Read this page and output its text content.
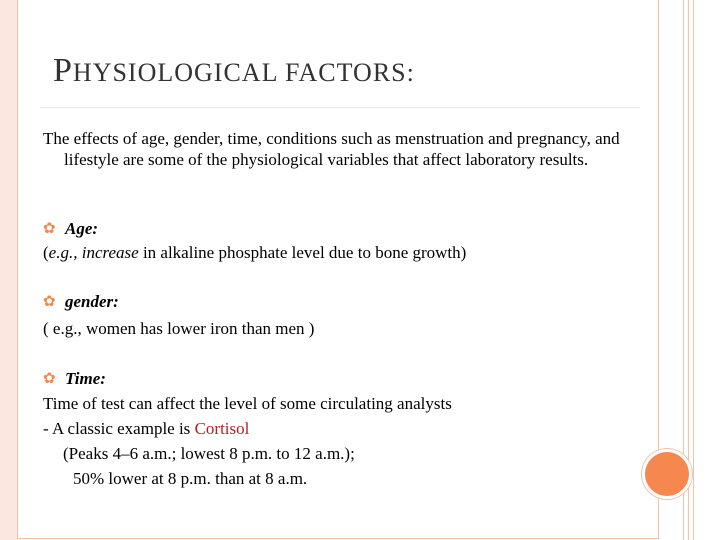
PHYSIOLOGICAL FACTORS:

The effects of age, gender, time, conditions such as menstruation and pregnancy, and lifestyle are some of the physiological variables that affect laboratory results.

✿ Age:

(e.g., increase in alkaline phosphate level due to bone growth)

✿ gender:

( e.g., women has lower iron than men )

✿ Time:

Time of test can affect the level of some circulating analysts

- A classic example is Cortisol

(Peaks 4–6 a.m.; lowest 8 p.m. to 12 a.m.);

50% lower at 8 p.m. than at 8 a.m.
